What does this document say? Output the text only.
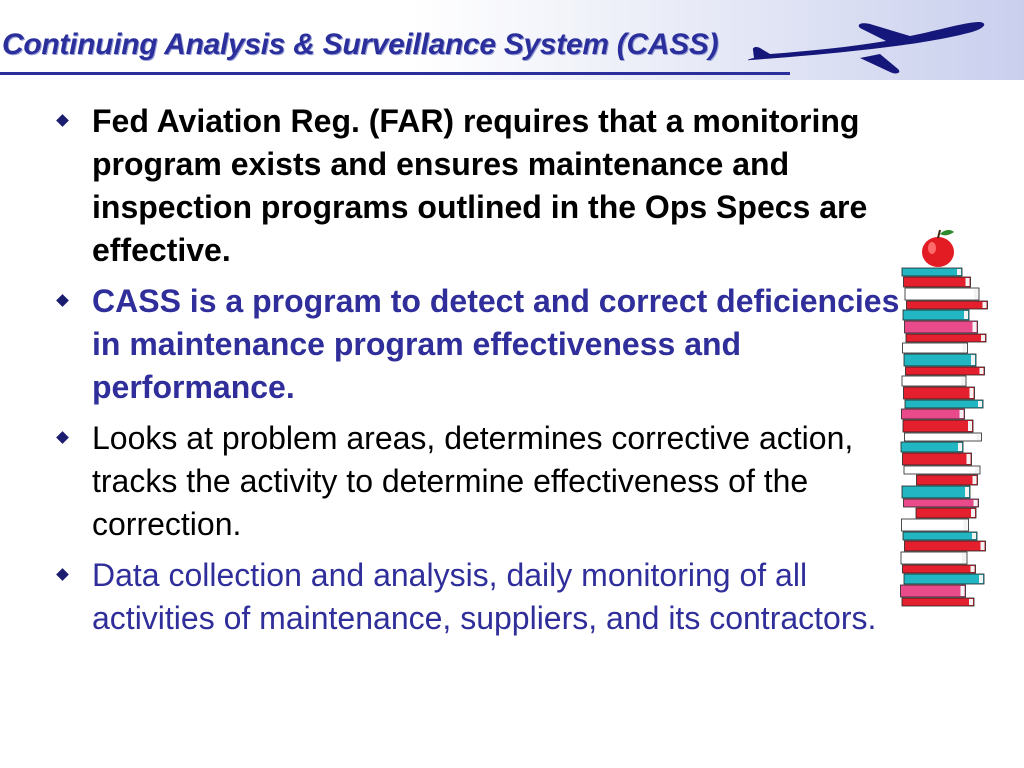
Continuing Analysis & Surveillance System (CASS)
Fed Aviation Reg. (FAR) requires that a monitoring program exists and ensures maintenance and inspection programs outlined in the Ops Specs are effective.
CASS is a program to detect and correct deficiencies in maintenance program effectiveness and performance.
Looks at problem areas, determines corrective action, tracks the activity to determine effectiveness of the correction.
Data collection and analysis, daily monitoring of all activities of maintenance, suppliers, and its contractors.
